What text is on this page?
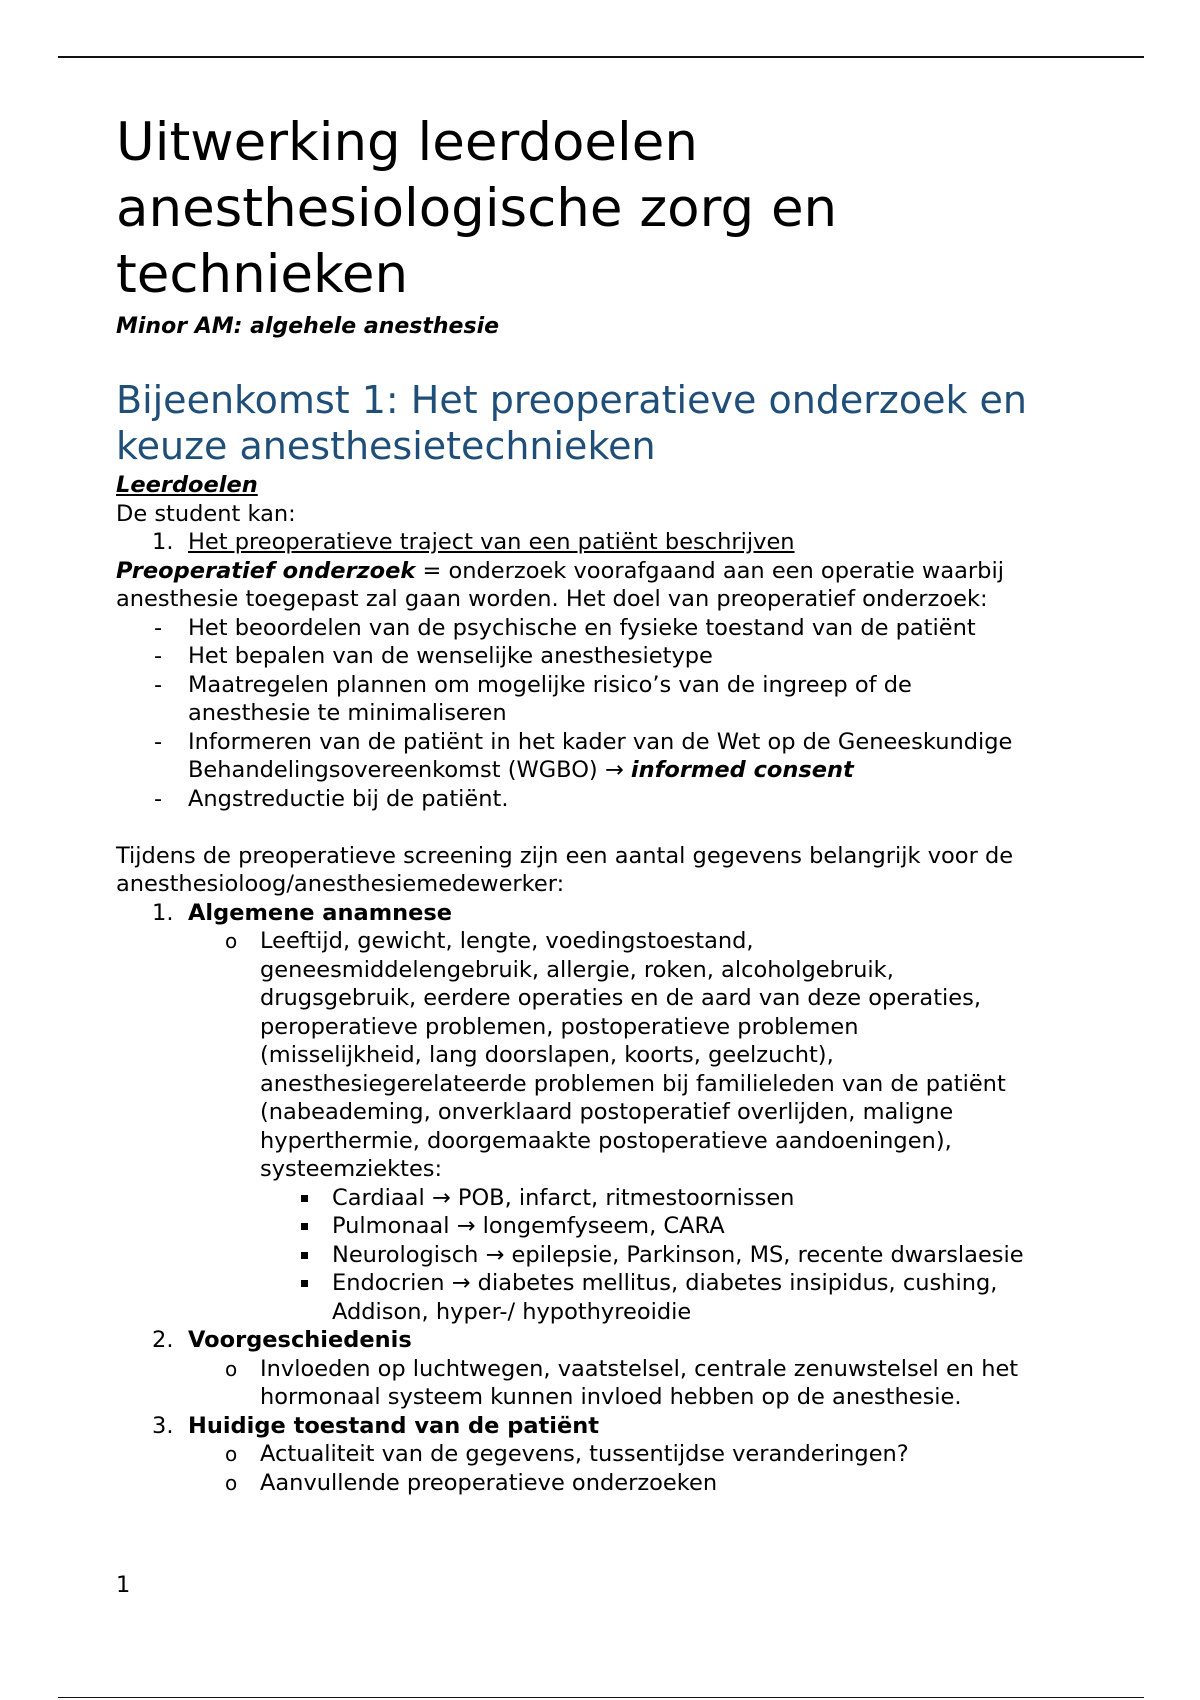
Uitwerking leerdoelen
anesthesiologische zorg en
technieken
Minor AM: algehele anesthesie
Bijeenkomst 1: Het preoperatieve onderzoek en
keuze anesthesietechnieken
Leerdoelen
De student kan:
1. Het preoperatieve traject van een patiënt beschrijven
Preoperatief onderzoek = onderzoek voorafgaand aan een operatie waarbij
anesthesie toegepast zal gaan worden. Het doel van preoperatief onderzoek:
- Het beoordelen van de psychische en fysieke toestand van de patiënt
- Het bepalen van de wenselijke anesthesietype
- Maatregelen plannen om mogelijke risico’s van de ingreep of de
anesthesie te minimaliseren
- Informeren van de patiënt in het kader van de Wet op de Geneeskundige
Behandelingsovereenkomst (WGBO) → informed consent
- Angstreductie bij de patiënt.
Tijdens de preoperatieve screening zijn een aantal gegevens belangrijk voor de
anesthesioloog/anesthesiemedewerker:
1. Algemene anamnese
o Leeftijd, gewicht, lengte, voedingstoestand,
geneesmiddelengebruik, allergie, roken, alcoholgebruik,
drugsgebruik, eerdere operaties en de aard van deze operaties,
peroperatieve problemen, postoperatieve problemen
(misselijkheid, lang doorslapen, koorts, geelzucht),
anesthesiegerelateerde problemen bij familieleden van de patiënt
(nabeademing, onverklaard postoperatief overlijden, maligne
hyperthermie, doorgemaakte postoperatieve aandoeningen),
systeemziektes:
Cardiaal → POB, infarct, ritmestoornissen
Pulmonaal → longemfyseem, CARA
Neurologisch → epilepsie, Parkinson, MS, recente dwarslaesie
Endocrien → diabetes mellitus, diabetes insipidus, cushing,
Addison, hyper-/ hypothyreoidie
2. Voorgeschiedenis
o Invloeden op luchtwegen, vaatstelsel, centrale zenuwstelsel en het
hormonaal systeem kunnen invloed hebben op de anesthesie.
3. Huidige toestand van de patiënt
o Actualiteit van de gegevens, tussentijdse veranderingen?
o Aanvullende preoperatieve onderzoeken
1
